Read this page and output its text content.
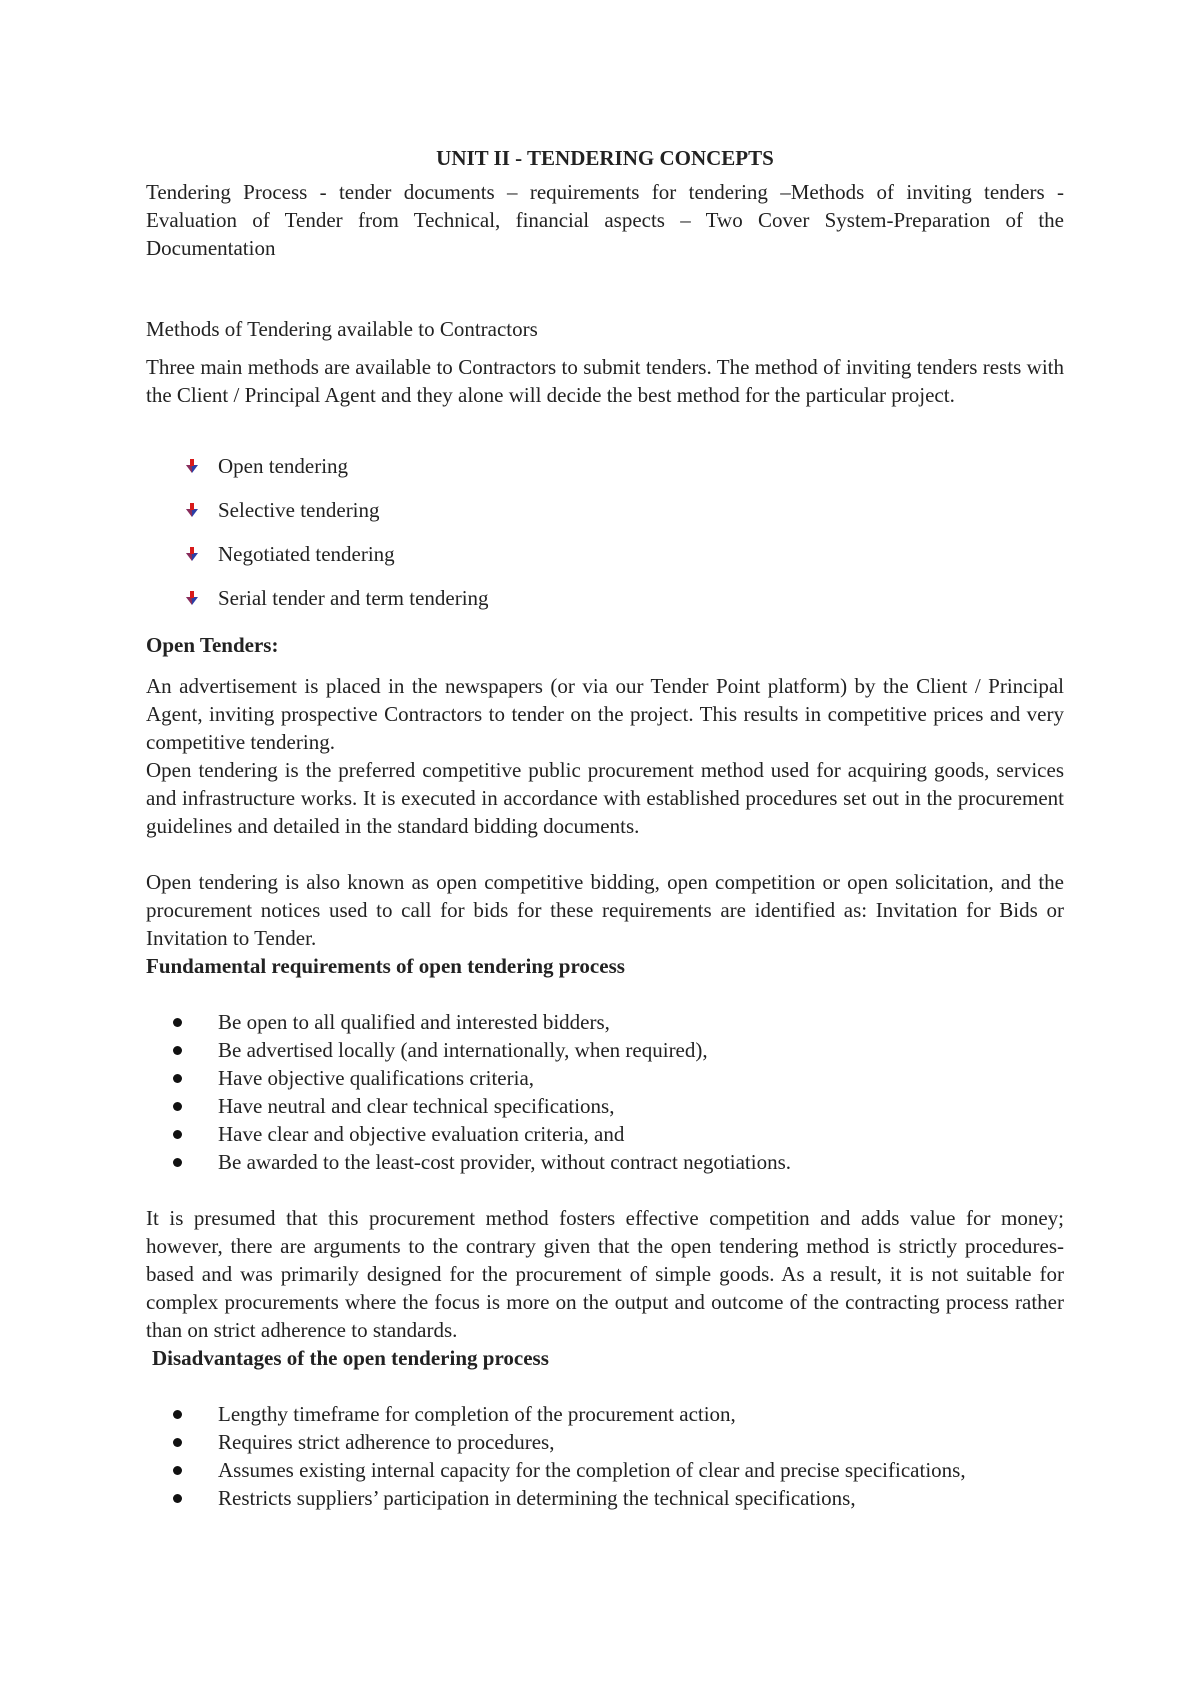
UNIT II - TENDERING CONCEPTS
Tendering Process - tender documents – requirements for tendering –Methods of inviting tenders - Evaluation of Tender from Technical, financial aspects – Two Cover System-Preparation of the Documentation
Methods of Tendering available to Contractors
Three main methods are available to Contractors to submit tenders. The method of inviting tenders rests with the Client / Principal Agent and they alone will decide the best method for the particular project.
Open tendering
Selective tendering
Negotiated tendering
Serial tender and term tendering
Open Tenders:
An advertisement is placed in the newspapers (or via our Tender Point platform) by the Client / Principal Agent, inviting prospective Contractors to tender on the project. This results in competitive prices and very competitive tendering.
Open tendering is the preferred competitive public procurement method used for acquiring goods, services and infrastructure works. It is executed in accordance with established procedures set out in the procurement guidelines and detailed in the standard bidding documents.
Open tendering is also known as open competitive bidding, open competition or open solicitation, and the procurement notices used to call for bids for these requirements are identified as: Invitation for Bids or Invitation to Tender.
Fundamental requirements of open tendering process
Be open to all qualified and interested bidders,
Be advertised locally (and internationally, when required),
Have objective qualifications criteria,
Have neutral and clear technical specifications,
Have clear and objective evaluation criteria, and
Be awarded to the least-cost provider, without contract negotiations.
It is presumed that this procurement method fosters effective competition and adds value for money; however, there are arguments to the contrary given that the open tendering method is strictly procedures-based and was primarily designed for the procurement of simple goods. As a result, it is not suitable for complex procurements where the focus is more on the output and outcome of the contracting process rather than on strict adherence to standards.
Disadvantages of the open tendering process
Lengthy timeframe for completion of the procurement action,
Requires strict adherence to procedures,
Assumes existing internal capacity for the completion of clear and precise specifications,
Restricts suppliers’ participation in determining the technical specifications,
